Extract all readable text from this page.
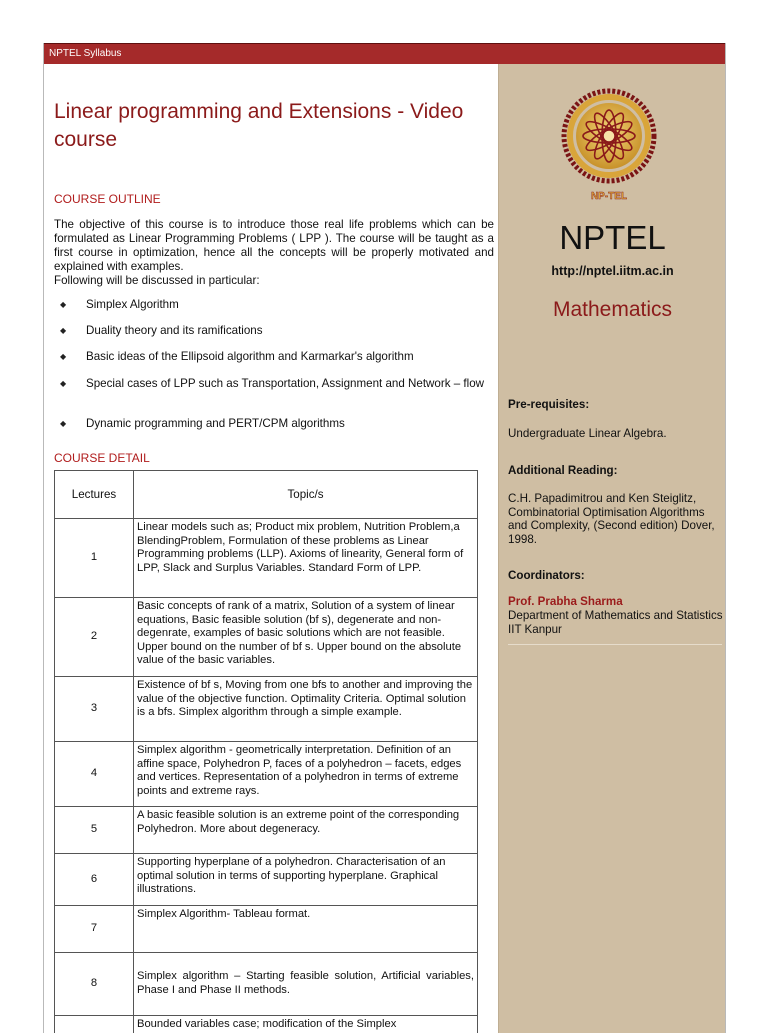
NPTEL Syllabus
Linear programming and Extensions - Video course
COURSE OUTLINE
The objective of this course is to introduce those real life problems which can be formulated as Linear Programming Problems ( LPP ). The course will be taught as a first course in optimization, hence all the concepts will be properly motivated and explained with examples.
Following will be discussed in particular:
◆ Simplex Algorithm
◆ Duality theory and its ramifications
◆ Basic ideas of the Ellipsoid algorithm and Karmarkar's algorithm
◆ Special cases of LPP such as Transportation, Assignment and Network – flow
◆ Dynamic programming and PERT/CPM algorithms
COURSE DETAIL
Lectures	Topic/s
1	Linear models such as; Product mix problem, Nutrition Problem,a BlendingProblem, Formulation of these problems as Linear Programming problems (LLP). Axioms of linearity, General form of LPP, Slack and Surplus Variables. Standard Form of LPP.
2	Basic concepts of rank of a matrix, Solution of a system of linear equations, Basic feasible solution (bf s), degenerate and non-degenrate, examples of basic solutions which are not feasible. Upper bound on the number of bf s. Upper bound on the absolute value of the basic variables.
3	Existence of bf s, Moving from one bfs to another and improving the value of the objective function. Optimality Criteria. Optimal solution is a bfs. Simplex algorithm through a simple example.
4	Simplex algorithm - geometrically interpretation. Definition of an affine space, Polyhedron P, faces of a polyhedron – facets, edges and vertices. Representation of a polyhedron in terms of extreme points and extreme rays.
5	A basic feasible solution is an extreme point of the corresponding Polyhedron. More about degeneracy.
6	Supporting hyperplane of a polyhedron. Characterisation of an optimal solution in terms of supporting hyperplane. Graphical illustrations.
7	Simplex Algorithm- Tableau format.
8	Simplex algorithm – Starting feasible solution, Artificial variables, Phase I and Phase II methods.
	Bounded variables case; modification of the Simplex
NP-TEL
NPTEL
http://nptel.iitm.ac.in
Mathematics
Pre-requisites:
Undergraduate Linear Algebra.
Additional Reading:
C.H. Papadimitrou and Ken Steiglitz, Combinatorial Optimisation Algorithms and Complexity, (Second edition) Dover, 1998.
Coordinators:
Prof. Prabha Sharma
Department of Mathematics and Statistics IIT Kanpur
